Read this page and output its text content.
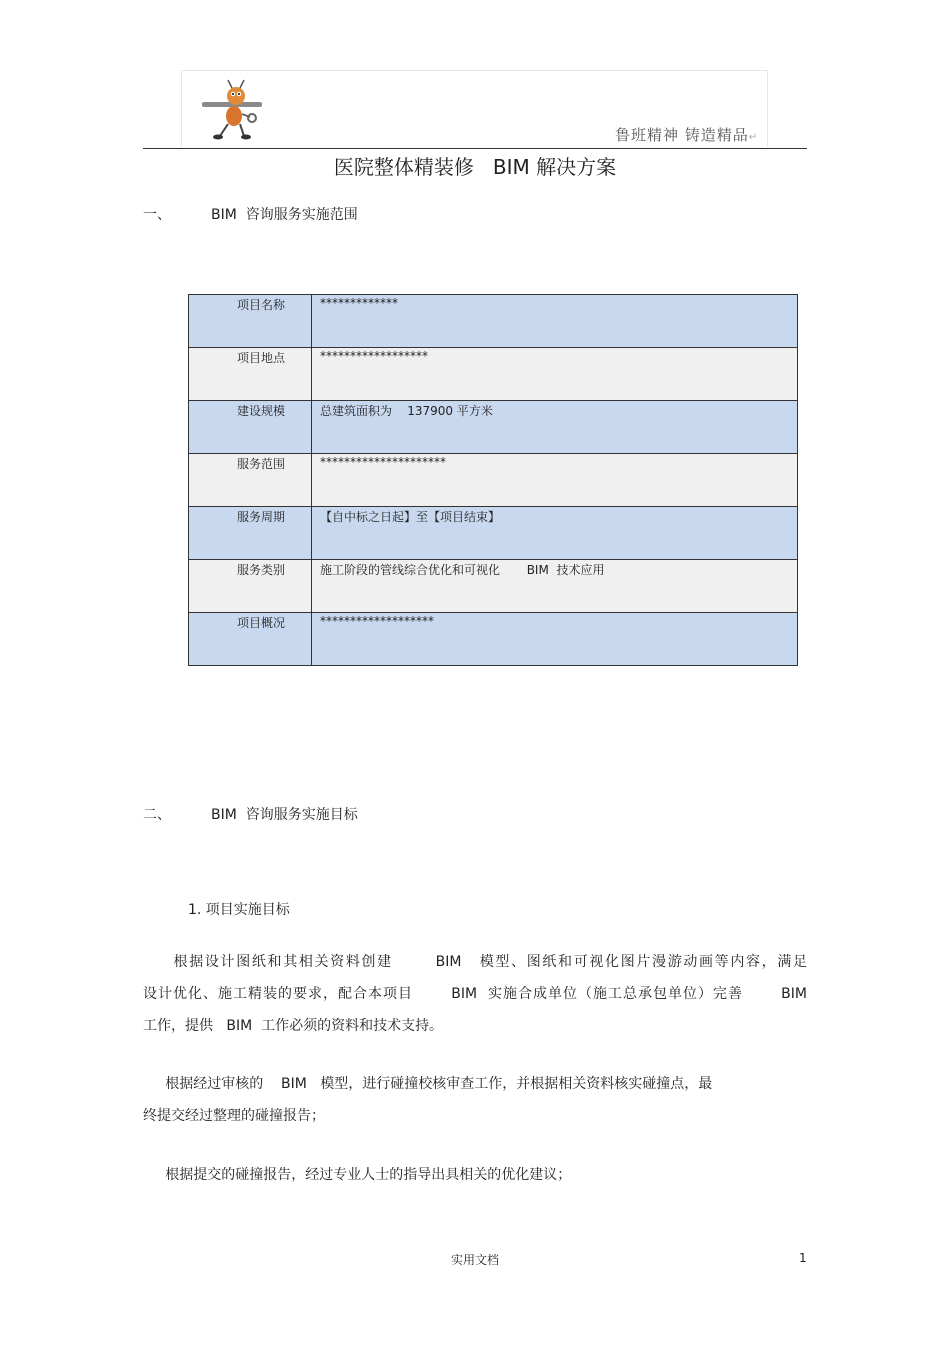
鲁班精神 铸造精品↵
医院整体精装修   BIM 解决方案
一、	BIM  咨询服务实施范围
项目名称	*************
项目地点	******************
建设规模	总建筑面积为    137900 平方米
服务范围	*********************
服务周期	【自中标之日起】至【项目结束】
服务类别	施工阶段的管线综合优化和可视化       BIM  技术应用
项目概况	*******************
二、	BIM  咨询服务实施目标
1. 项目实施目标
根据设计图纸和其相关资料创建       BIM   模型、图纸和可视化图片漫游动画等内容，满足
设计优化、施工精装的要求，配合本项目       BIM  实施合成单位（施工总承包单位）完善       BIM
工作，提供   BIM  工作必须的资料和技术支持。
根据经过审核的    BIM   模型，进行碰撞校核审查工作，并根据相关资料核实碰撞点，最
终提交经过整理的碰撞报告；
根据提交的碰撞报告，经过专业人士的指导出具相关的优化建议；
实用文档	1
